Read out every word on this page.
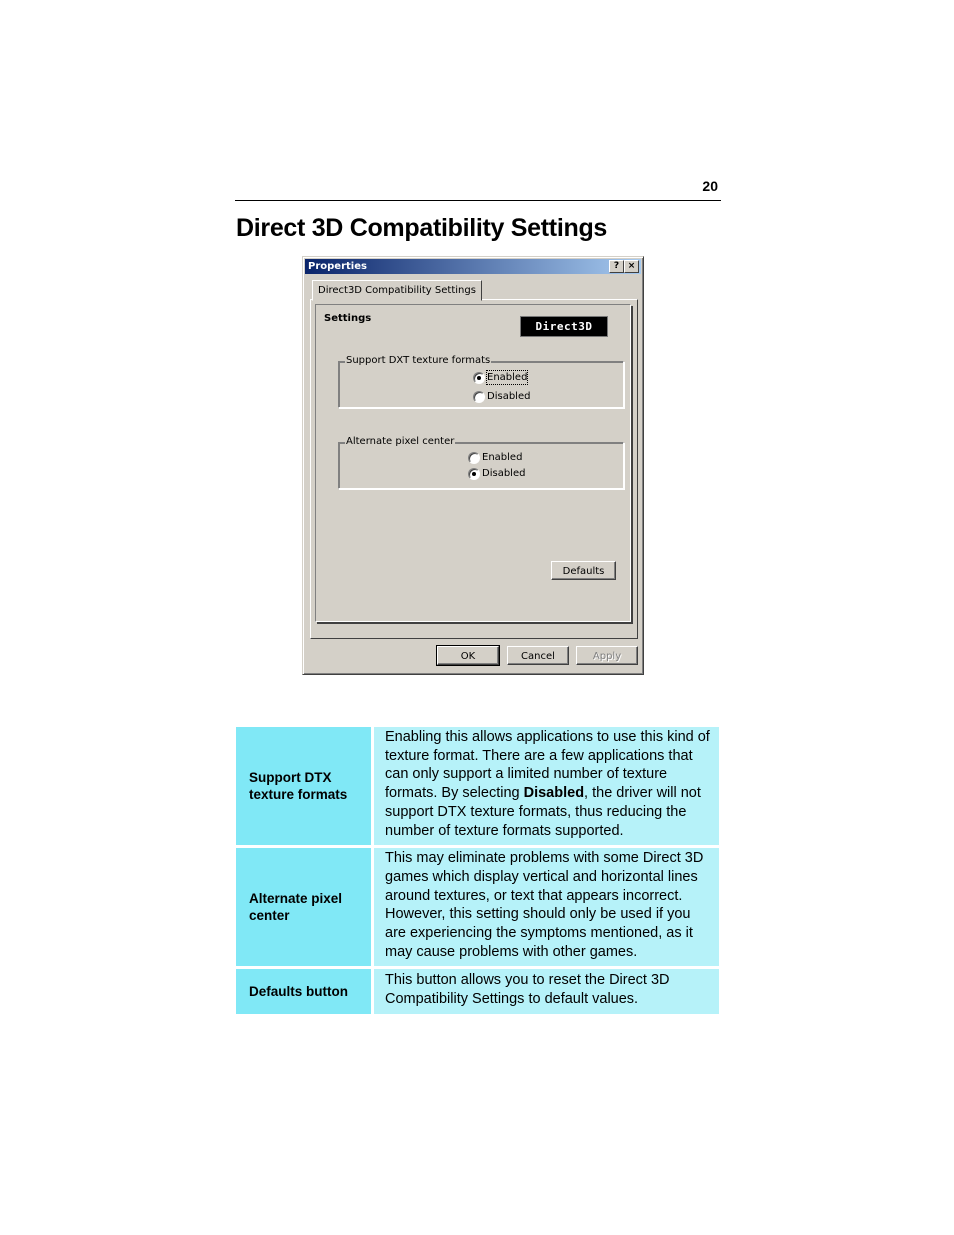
20
Direct 3D Compatibility Settings
Properties	? ×
Direct3D Compatibility Settings
Settings
Direct3D
Support DXT texture formats
Enabled
Disabled
Alternate pixel center
Enabled
Disabled
Defaults
OK	Cancel	Apply
Support DTX texture formats	Enabling this allows applications to use this kind of texture format. There are a few applications that can only support a limited number of texture formats. By selecting Disabled, the driver will not support DTX texture formats, thus reducing the number of texture formats supported.
Alternate pixel center	This may eliminate problems with some Direct 3D games which display vertical and horizontal lines around textures, or text that appears incorrect. However, this setting should only be used if you are experiencing the symptoms mentioned, as it may cause problems with other games.
Defaults button	This button allows you to reset the Direct 3D Compatibility Settings to default values.
